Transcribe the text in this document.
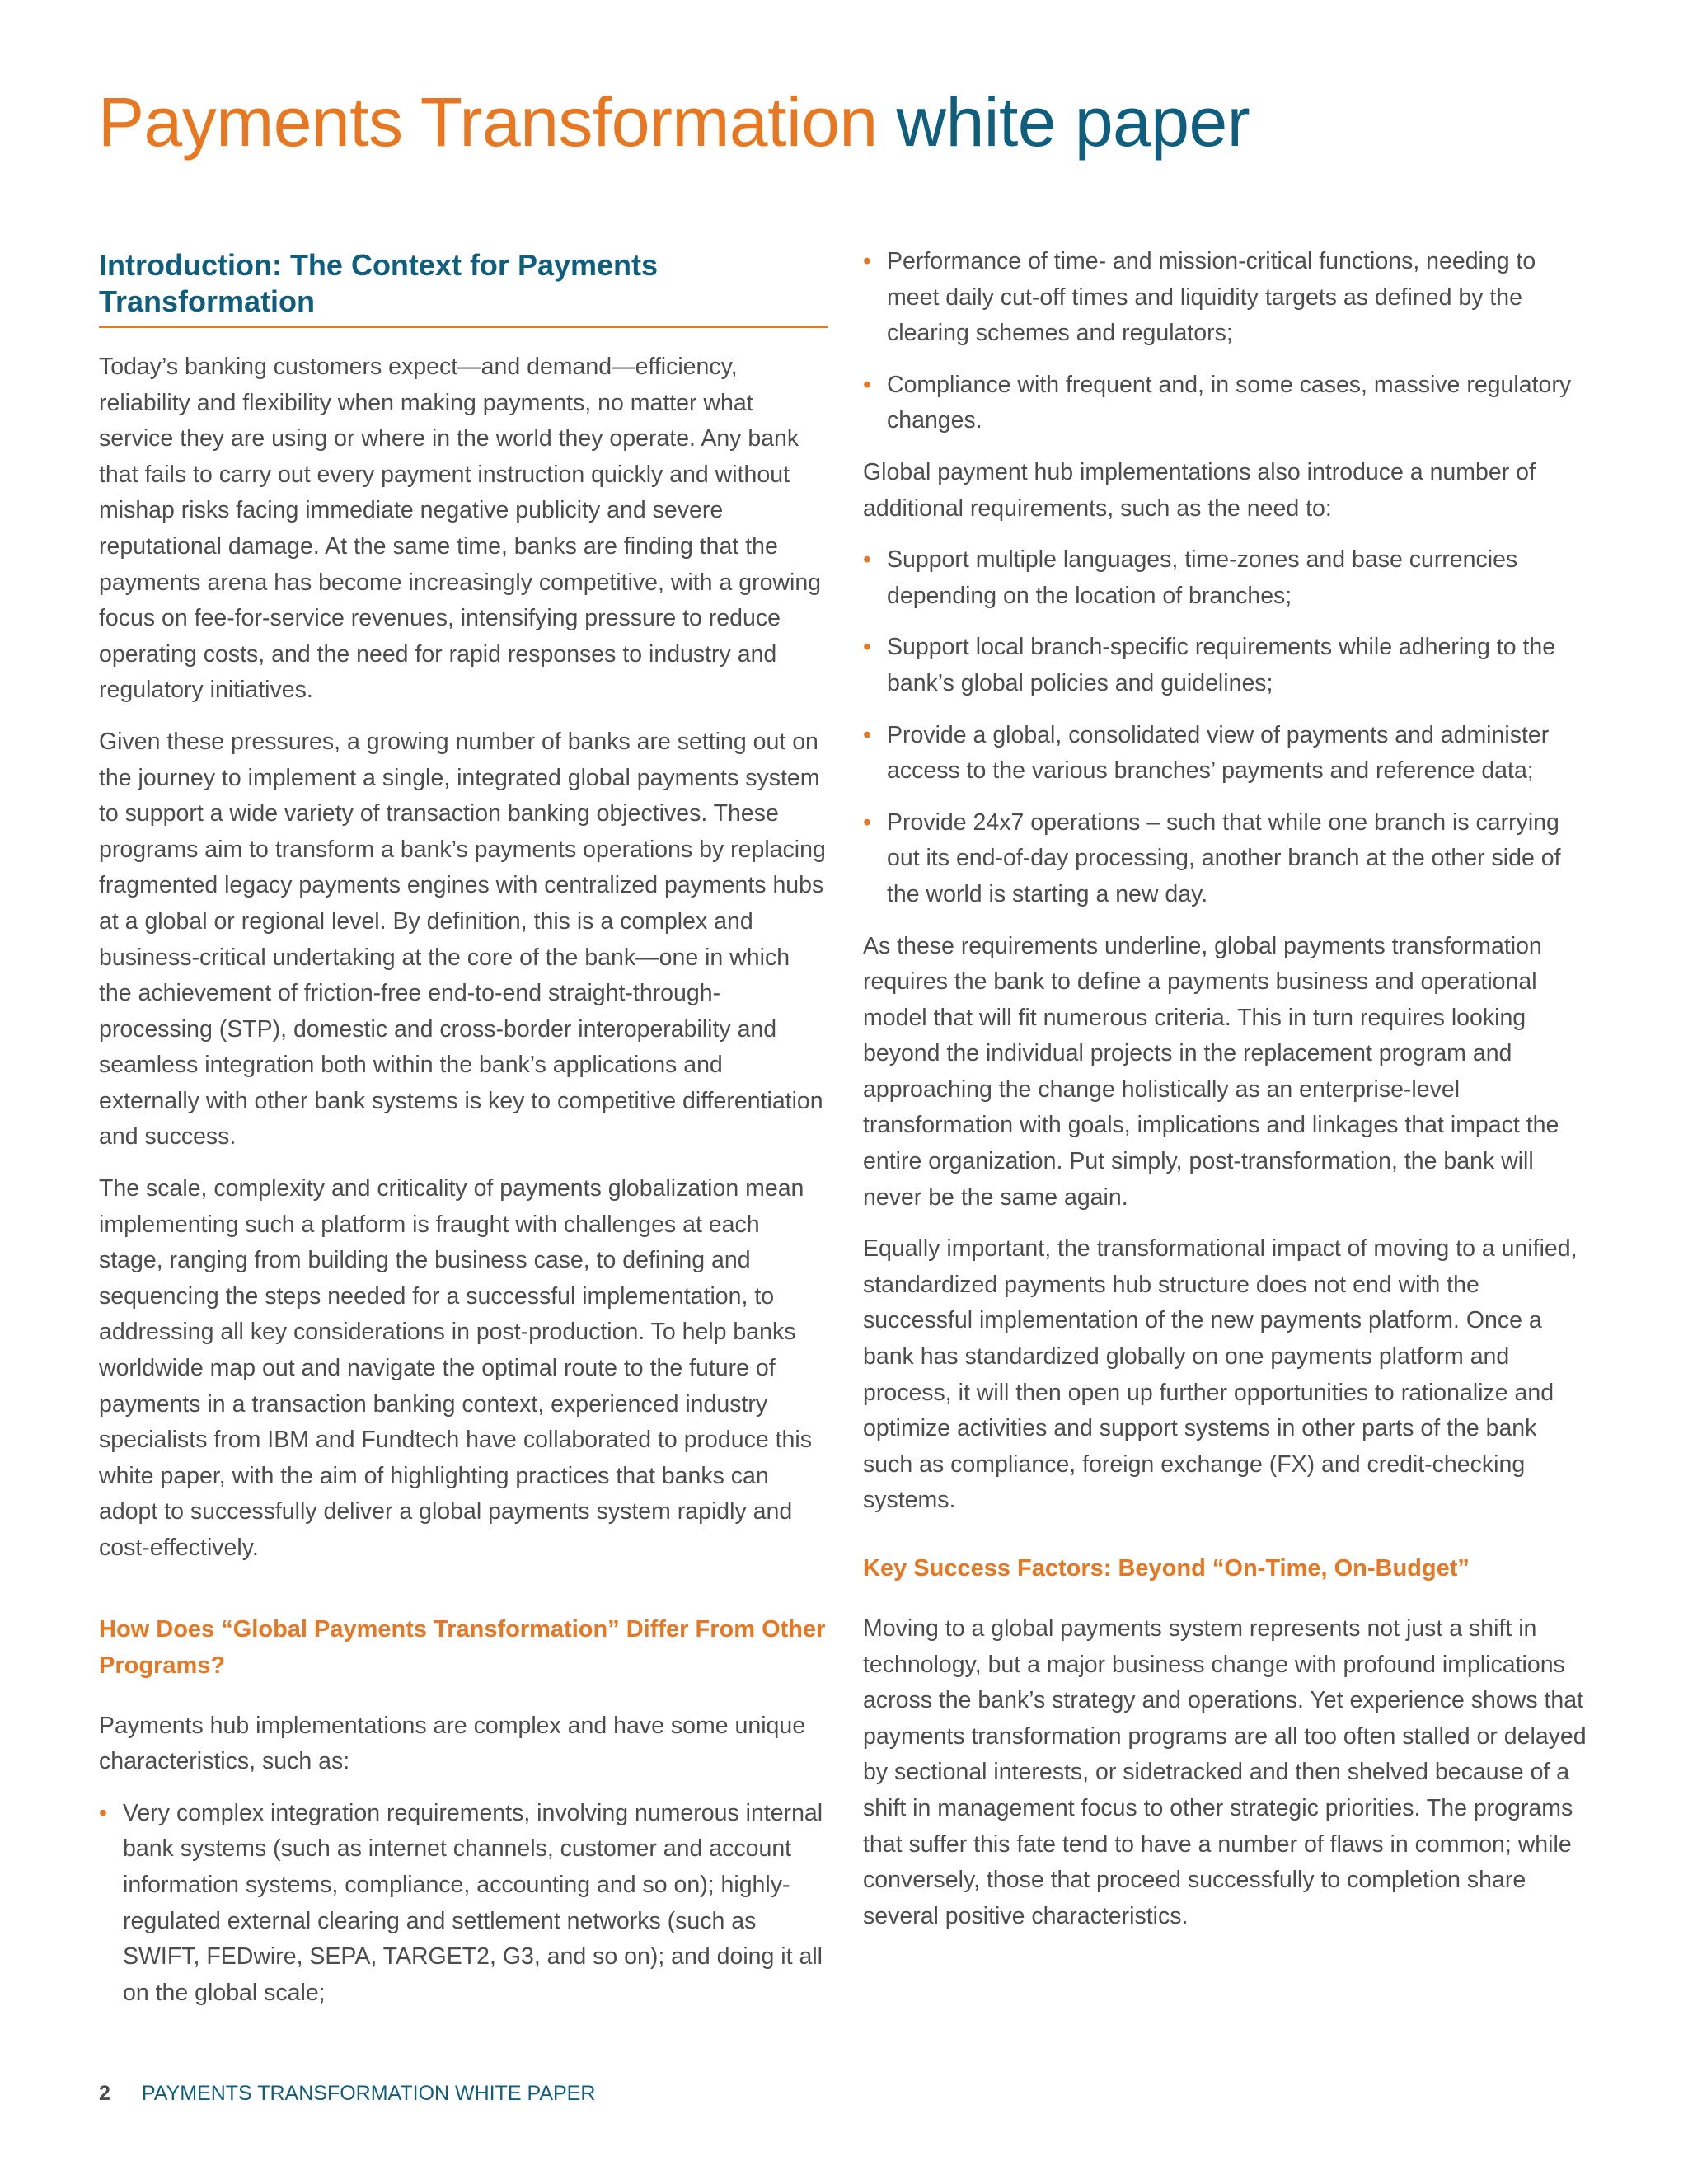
Payments Transformation white paper
Introduction: The Context for Payments Transformation

Today’s banking customers expect—and demand—efficiency, reliability and flexibility when making payments, no matter what service they are using or where in the world they operate. Any bank that fails to carry out every payment instruction quickly and without mishap risks facing immediate negative publicity and severe reputational damage. At the same time, banks are finding that the payments arena has become increasingly competitive, with a growing focus on fee-for-service revenues, intensifying pressure to reduce operating costs, and the need for rapid responses to industry and regulatory initiatives.

Given these pressures, a growing number of banks are setting out on the journey to implement a single, integrated global payments system to support a wide variety of transaction banking objectives. These programs aim to transform a bank’s payments operations by replacing fragmented legacy payments engines with centralized payments hubs at a global or regional level. By definition, this is a complex and business-critical undertaking at the core of the bank—one in which the achievement of friction-free end-to-end straight-through-processing (STP), domestic and cross-border interoperability and seamless integration both within the bank’s applications and externally with other bank systems is key to competitive differentiation and success.

The scale, complexity and criticality of payments globalization mean implementing such a platform is fraught with challenges at each stage, ranging from building the business case, to defining and sequencing the steps needed for a successful implementation, to addressing all key considerations in post-production. To help banks worldwide map out and navigate the optimal route to the future of payments in a transaction banking context, experienced industry specialists from IBM and Fundtech have collaborated to produce this white paper, with the aim of highlighting practices that banks can adopt to successfully deliver a global payments system rapidly and cost-effectively.

How Does “Global Payments Transformation” Differ From Other Programs?

Payments hub implementations are complex and have some unique characteristics, such as:

• Very complex integration requirements, involving numerous internal bank systems (such as internet channels, customer and account information systems, compliance, accounting and so on); highly-regulated external clearing and settlement networks (such as SWIFT, FEDwire, SEPA, TARGET2, G3, and so on); and doing it all on the global scale;
• Performance of time- and mission-critical functions, needing to meet daily cut-off times and liquidity targets as defined by the clearing schemes and regulators;
• Compliance with frequent and, in some cases, massive regulatory changes.

Global payment hub implementations also introduce a number of additional requirements, such as the need to:

• Support multiple languages, time-zones and base currencies depending on the location of branches;
• Support local branch-specific requirements while adhering to the bank’s global policies and guidelines;
• Provide a global, consolidated view of payments and administer access to the various branches’ payments and reference data;
• Provide 24x7 operations – such that while one branch is carrying out its end-of-day processing, another branch at the other side of the world is starting a new day.

As these requirements underline, global payments transformation requires the bank to define a payments business and operational model that will fit numerous criteria. This in turn requires looking beyond the individual projects in the replacement program and approaching the change holistically as an enterprise-level transformation with goals, implications and linkages that impact the entire organization. Put simply, post-transformation, the bank will never be the same again.

Equally important, the transformational impact of moving to a unified, standardized payments hub structure does not end with the successful implementation of the new payments platform. Once a bank has standardized globally on one payments platform and process, it will then open up further opportunities to rationalize and optimize activities and support systems in other parts of the bank such as compliance, foreign exchange (FX) and credit-checking systems.

Key Success Factors: Beyond “On-Time, On-Budget”

Moving to a global payments system represents not just a shift in technology, but a major business change with profound implications across the bank’s strategy and operations. Yet experience shows that payments transformation programs are all too often stalled or delayed by sectional interests, or sidetracked and then shelved because of a shift in management focus to other strategic priorities. The programs that suffer this fate tend to have a number of flaws in common; while conversely, those that proceed successfully to completion share several positive characteristics.

2 PAYMENTS TRANSFORMATION WHITE PAPER
